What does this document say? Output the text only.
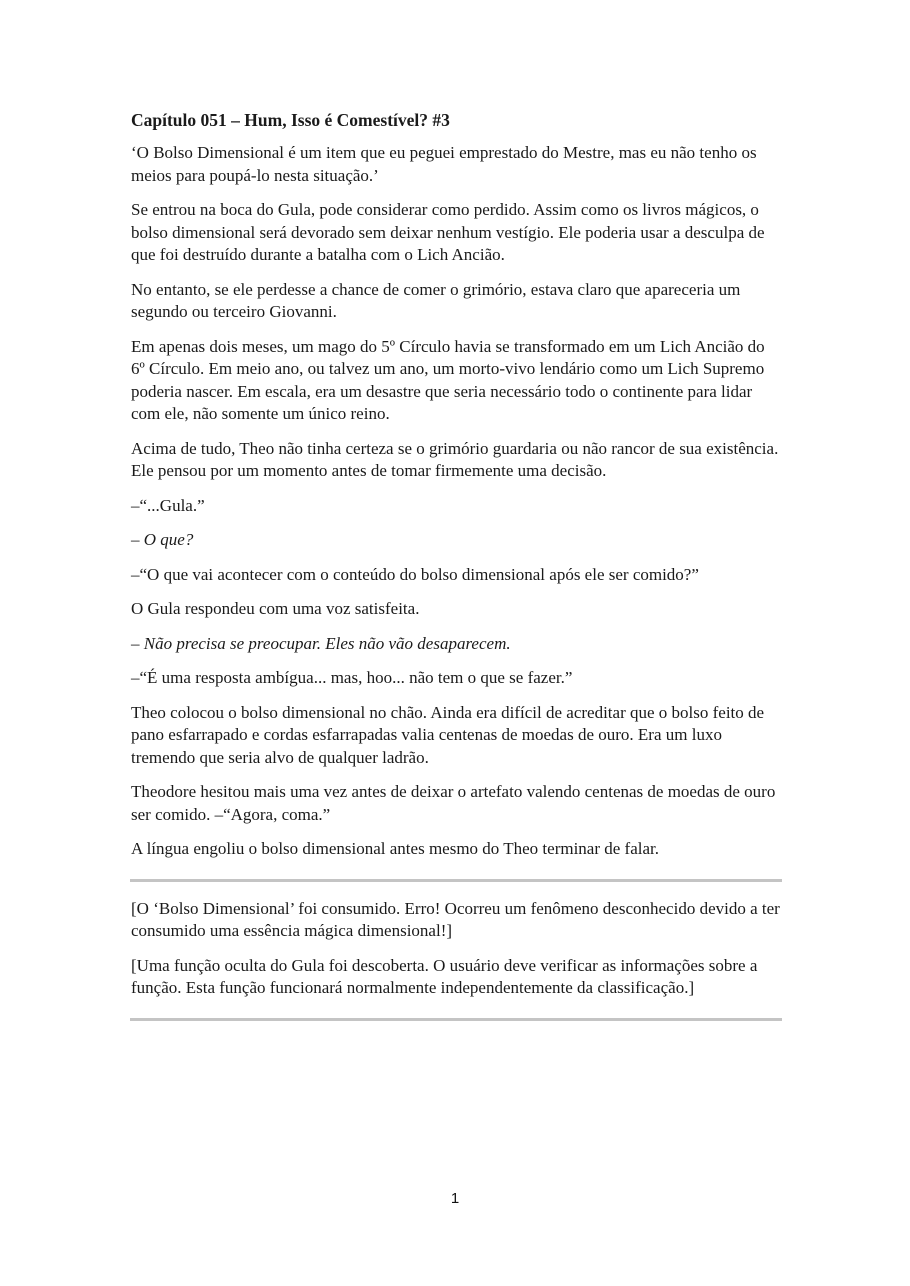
Capítulo 051 – Hum, Isso é Comestível? #3

‘O Bolso Dimensional é um item que eu peguei emprestado do Mestre, mas eu não tenho os meios para poupá-lo nesta situação.’

Se entrou na boca do Gula, pode considerar como perdido. Assim como os livros mágicos, o bolso dimensional será devorado sem deixar nenhum vestígio. Ele poderia usar a desculpa de que foi destruído durante a batalha com o Lich Ancião.

No entanto, se ele perdesse a chance de comer o grimório, estava claro que apareceria um segundo ou terceiro Giovanni.

Em apenas dois meses, um mago do 5º Círculo havia se transformado em um Lich Ancião do 6º Círculo. Em meio ano, ou talvez um ano, um morto-vivo lendário como um Lich Supremo poderia nascer. Em escala, era um desastre que seria necessário todo o continente para lidar com ele, não somente um único reino.

Acima de tudo, Theo não tinha certeza se o grimório guardaria ou não rancor de sua existência. Ele pensou por um momento antes de tomar firmemente uma decisão.

–“...Gula.”

– O que?

–“O que vai acontecer com o conteúdo do bolso dimensional após ele ser comido?”

O Gula respondeu com uma voz satisfeita.

– Não precisa se preocupar. Eles não vão desaparecem.

–“É uma resposta ambígua... mas, hoo... não tem o que se fazer.”

Theo colocou o bolso dimensional no chão. Ainda era difícil de acreditar que o bolso feito de pano esfarrapado e cordas esfarrapadas valia centenas de moedas de ouro. Era um luxo tremendo que seria alvo de qualquer ladrão.

Theodore hesitou mais uma vez antes de deixar o artefato valendo centenas de moedas de ouro ser comido. –“Agora, coma.”

A língua engoliu o bolso dimensional antes mesmo do Theo terminar de falar.

[O ‘Bolso Dimensional’ foi consumido. Erro! Ocorreu um fenômeno desconhecido devido a ter consumido uma essência mágica dimensional!]

[Uma função oculta do Gula foi descoberta. O usuário deve verificar as informações sobre a função. Esta função funcionará normalmente independentemente da classificação.]

1
